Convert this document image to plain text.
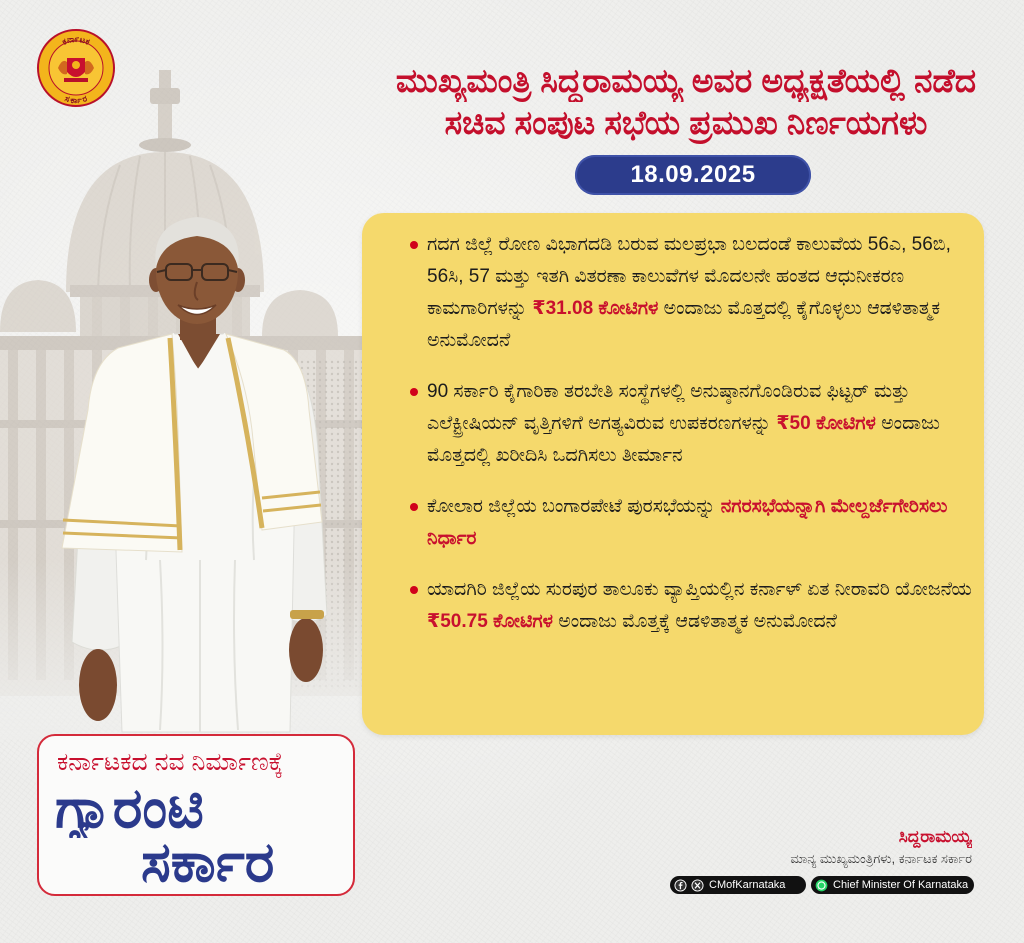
ಕರ್ನಾಟಕ
ಸರ್ಕಾರ
ಮುಖ್ಯಮಂತ್ರಿ ಸಿದ್ದರಾಮಯ್ಯ ಅವರ ಅಧ್ಯಕ್ಷತೆಯಲ್ಲಿ ನಡೆದ
ಸಚಿವ ಸಂಪುಟ ಸಭೆಯ ಪ್ರಮುಖ ನಿರ್ಣಯಗಳು
18.09.2025
ಗದಗ ಜಿಲ್ಲೆ ರೋಣ ವಿಭಾಗದಡಿ ಬರುವ ಮಲಪ್ರಭಾ ಬಲದಂಡೆ ಕಾಲುವೆಯ 56ಎ, 56ಬಿ, 56ಸಿ, 57 ಮತ್ತು ಇತಗಿ ವಿತರಣಾ ಕಾಲುವೆಗಳ ಮೊದಲನೇ ಹಂತದ ಆಧುನೀಕರಣ ಕಾಮಗಾರಿಗಳನ್ನು ₹31.08 ಕೋಟಿಗಳ ಅಂದಾಜು ಮೊತ್ತದಲ್ಲಿ ಕೈಗೊಳ್ಳಲು ಆಡಳಿತಾತ್ಮಕ ಅನುಮೋದನೆ
90 ಸರ್ಕಾರಿ ಕೈಗಾರಿಕಾ ತರಬೇತಿ ಸಂಸ್ಥೆಗಳಲ್ಲಿ ಅನುಷ್ಠಾನಗೊಂಡಿರುವ ಫಿಟ್ಟರ್ ಮತ್ತು ಎಲೆಕ್ಟ್ರೀಷಿಯನ್ ವೃತ್ತಿಗಳಿಗೆ ಅಗತ್ಯವಿರುವ ಉಪಕರಣಗಳನ್ನು ₹50 ಕೋಟಿಗಳ ಅಂದಾಜು ಮೊತ್ತದಲ್ಲಿ ಖರೀದಿಸಿ ಒದಗಿಸಲು ತೀರ್ಮಾನ
ಕೋಲಾರ ಜಿಲ್ಲೆಯ ಬಂಗಾರಪೇಟೆ ಪುರಸಭೆಯನ್ನು ನಗರಸಭೆಯನ್ನಾಗಿ ಮೇಲ್ದರ್ಜೆಗೇರಿಸಲು ನಿರ್ಧಾರ
ಯಾದಗಿರಿ ಜಿಲ್ಲೆಯ ಸುರಪುರ ತಾಲೂಕು ವ್ಯಾಪ್ತಿಯಲ್ಲಿನ ಕರ್ನಾಳ್ ಏತ ನೀರಾವರಿ ಯೋಜನೆಯ ₹50.75 ಕೋಟಿಗಳ ಅಂದಾಜು ಮೊತ್ತಕ್ಕೆ ಆಡಳಿತಾತ್ಮಕ ಅನುಮೋದನೆ
ಕರ್ನಾಟಕದ ನವ ನಿರ್ಮಾಣಕ್ಕೆ
ಗ್ಯಾರಂಟಿ
ಸರ್ಕಾರ	ಸಿದ್ದರಾಮಯ್ಯ
ಮಾನ್ಯ ಮುಖ್ಯಮಂತ್ರಿಗಳು, ಕರ್ನಾಟಕ ಸರ್ಕಾರ
CMofKarnataka	Chief Minister Of Karnataka
